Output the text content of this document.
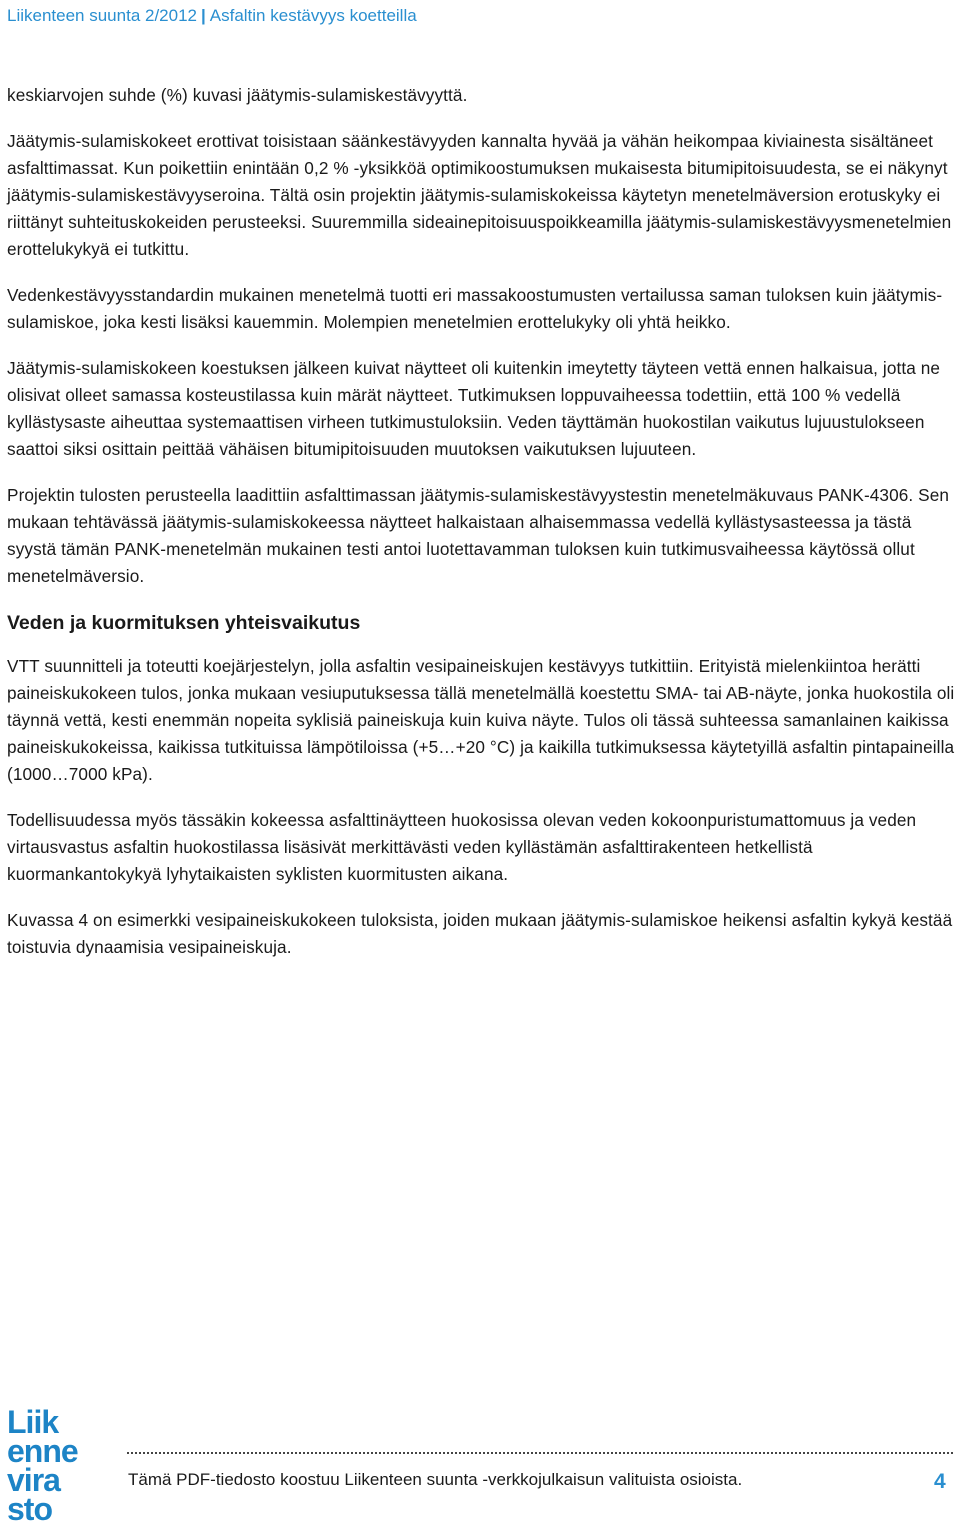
Liikenteen suunta 2/2012 | Asfaltin kestävyys koetteilla

keskiarvojen suhde (%) kuvasi jäätymis-sulamiskestävyyttä.

Jäätymis-sulamiskokeet erottivat toisistaan säänkestävyyden kannalta hyvää ja vähän heikompaa kiviainesta sisältäneet asfalttimassat. Kun poikettiin enintään 0,2 % -yksikköä optimikoostumuksen mukaisesta bitumipitoisuudesta, se ei näkynyt jäätymis-sulamiskestävyyseroina. Tältä osin projektin jäätymis-sulamiskokeissa käytetyn menetelmäversion erotuskyky ei riittänyt suhteituskokeiden perusteeksi. Suuremmilla sideainepitoisuuspoikkeamilla jäätymis-sulamiskestävyysmenetelmien erottelukykyä ei tutkittu.

Vedenkestävyysstandardin mukainen menetelmä tuotti eri massakoostumusten vertailussa saman tuloksen kuin jäätymis-sulamiskoe, joka kesti lisäksi kauemmin. Molempien menetelmien erottelukyky oli yhtä heikko.

Jäätymis-sulamiskokeen koestuksen jälkeen kuivat näytteet oli kuitenkin imeytetty täyteen vettä ennen halkaisua, jotta ne olisivat olleet samassa kosteustilassa kuin märät näytteet. Tutkimuksen loppuvaiheessa todettiin, että 100 % vedellä kyllästysaste aiheuttaa systemaattisen virheen tutkimustuloksiin. Veden täyttämän huokostilan vaikutus lujuustulokseen saattoi siksi osittain peittää vähäisen bitumipitoisuuden muutoksen vaikutuksen lujuuteen.

Projektin tulosten perusteella laadittiin asfalttimassan jäätymis-sulamiskestävyystestin menetelmäkuvaus PANK-4306. Sen mukaan tehtävässä jäätymis-sulamiskokeessa näytteet halkaistaan alhaisemmassa vedellä kyllästysasteessa ja tästä syystä tämän PANK-menetelmän mukainen testi antoi luotettavamman tuloksen kuin tutkimusvaiheessa käytössä ollut menetelmäversio.

Veden ja kuormituksen yhteisvaikutus

VTT suunnitteli ja toteutti koejärjestelyn, jolla asfaltin vesipaineiskujen kestävyys tutkittiin. Erityistä mielenkiintoa herätti paineiskukokeen tulos, jonka mukaan vesiuputuksessa tällä menetelmällä koestettu SMA- tai AB-näyte, jonka huokostila oli täynnä vettä, kesti enemmän nopeita syklisiä paineiskuja kuin kuiva näyte. Tulos oli tässä suhteessa samanlainen kaikissa paineiskukokeissa, kaikissa tutkituissa lämpötiloissa (+5…+20 °C) ja kaikilla tutkimuksessa käytetyillä asfaltin pintapaineilla (1000…7000 kPa).

Todellisuudessa myös tässäkin kokeessa asfalttinäytteen huokosissa olevan veden kokoonpuristumattomuus ja veden virtausvastus asfaltin huokostilassa lisäsivät merkittävästi veden kyllästämän asfalttirakenteen hetkellistä kuormankantokykyä lyhytaikaisten syklisten kuormitusten aikana.

Kuvassa 4 on esimerkki vesipaineiskukokeen tuloksista, joiden mukaan jäätymis-sulamiskoe heikensi asfaltin kykyä kestää toistuvia dynaamisia vesipaineiskuja.

Liik
enne
vira
sto
Tämä PDF-tiedosto koostuu Liikenteen suunta -verkkojulkaisun valituista osioista.	4
